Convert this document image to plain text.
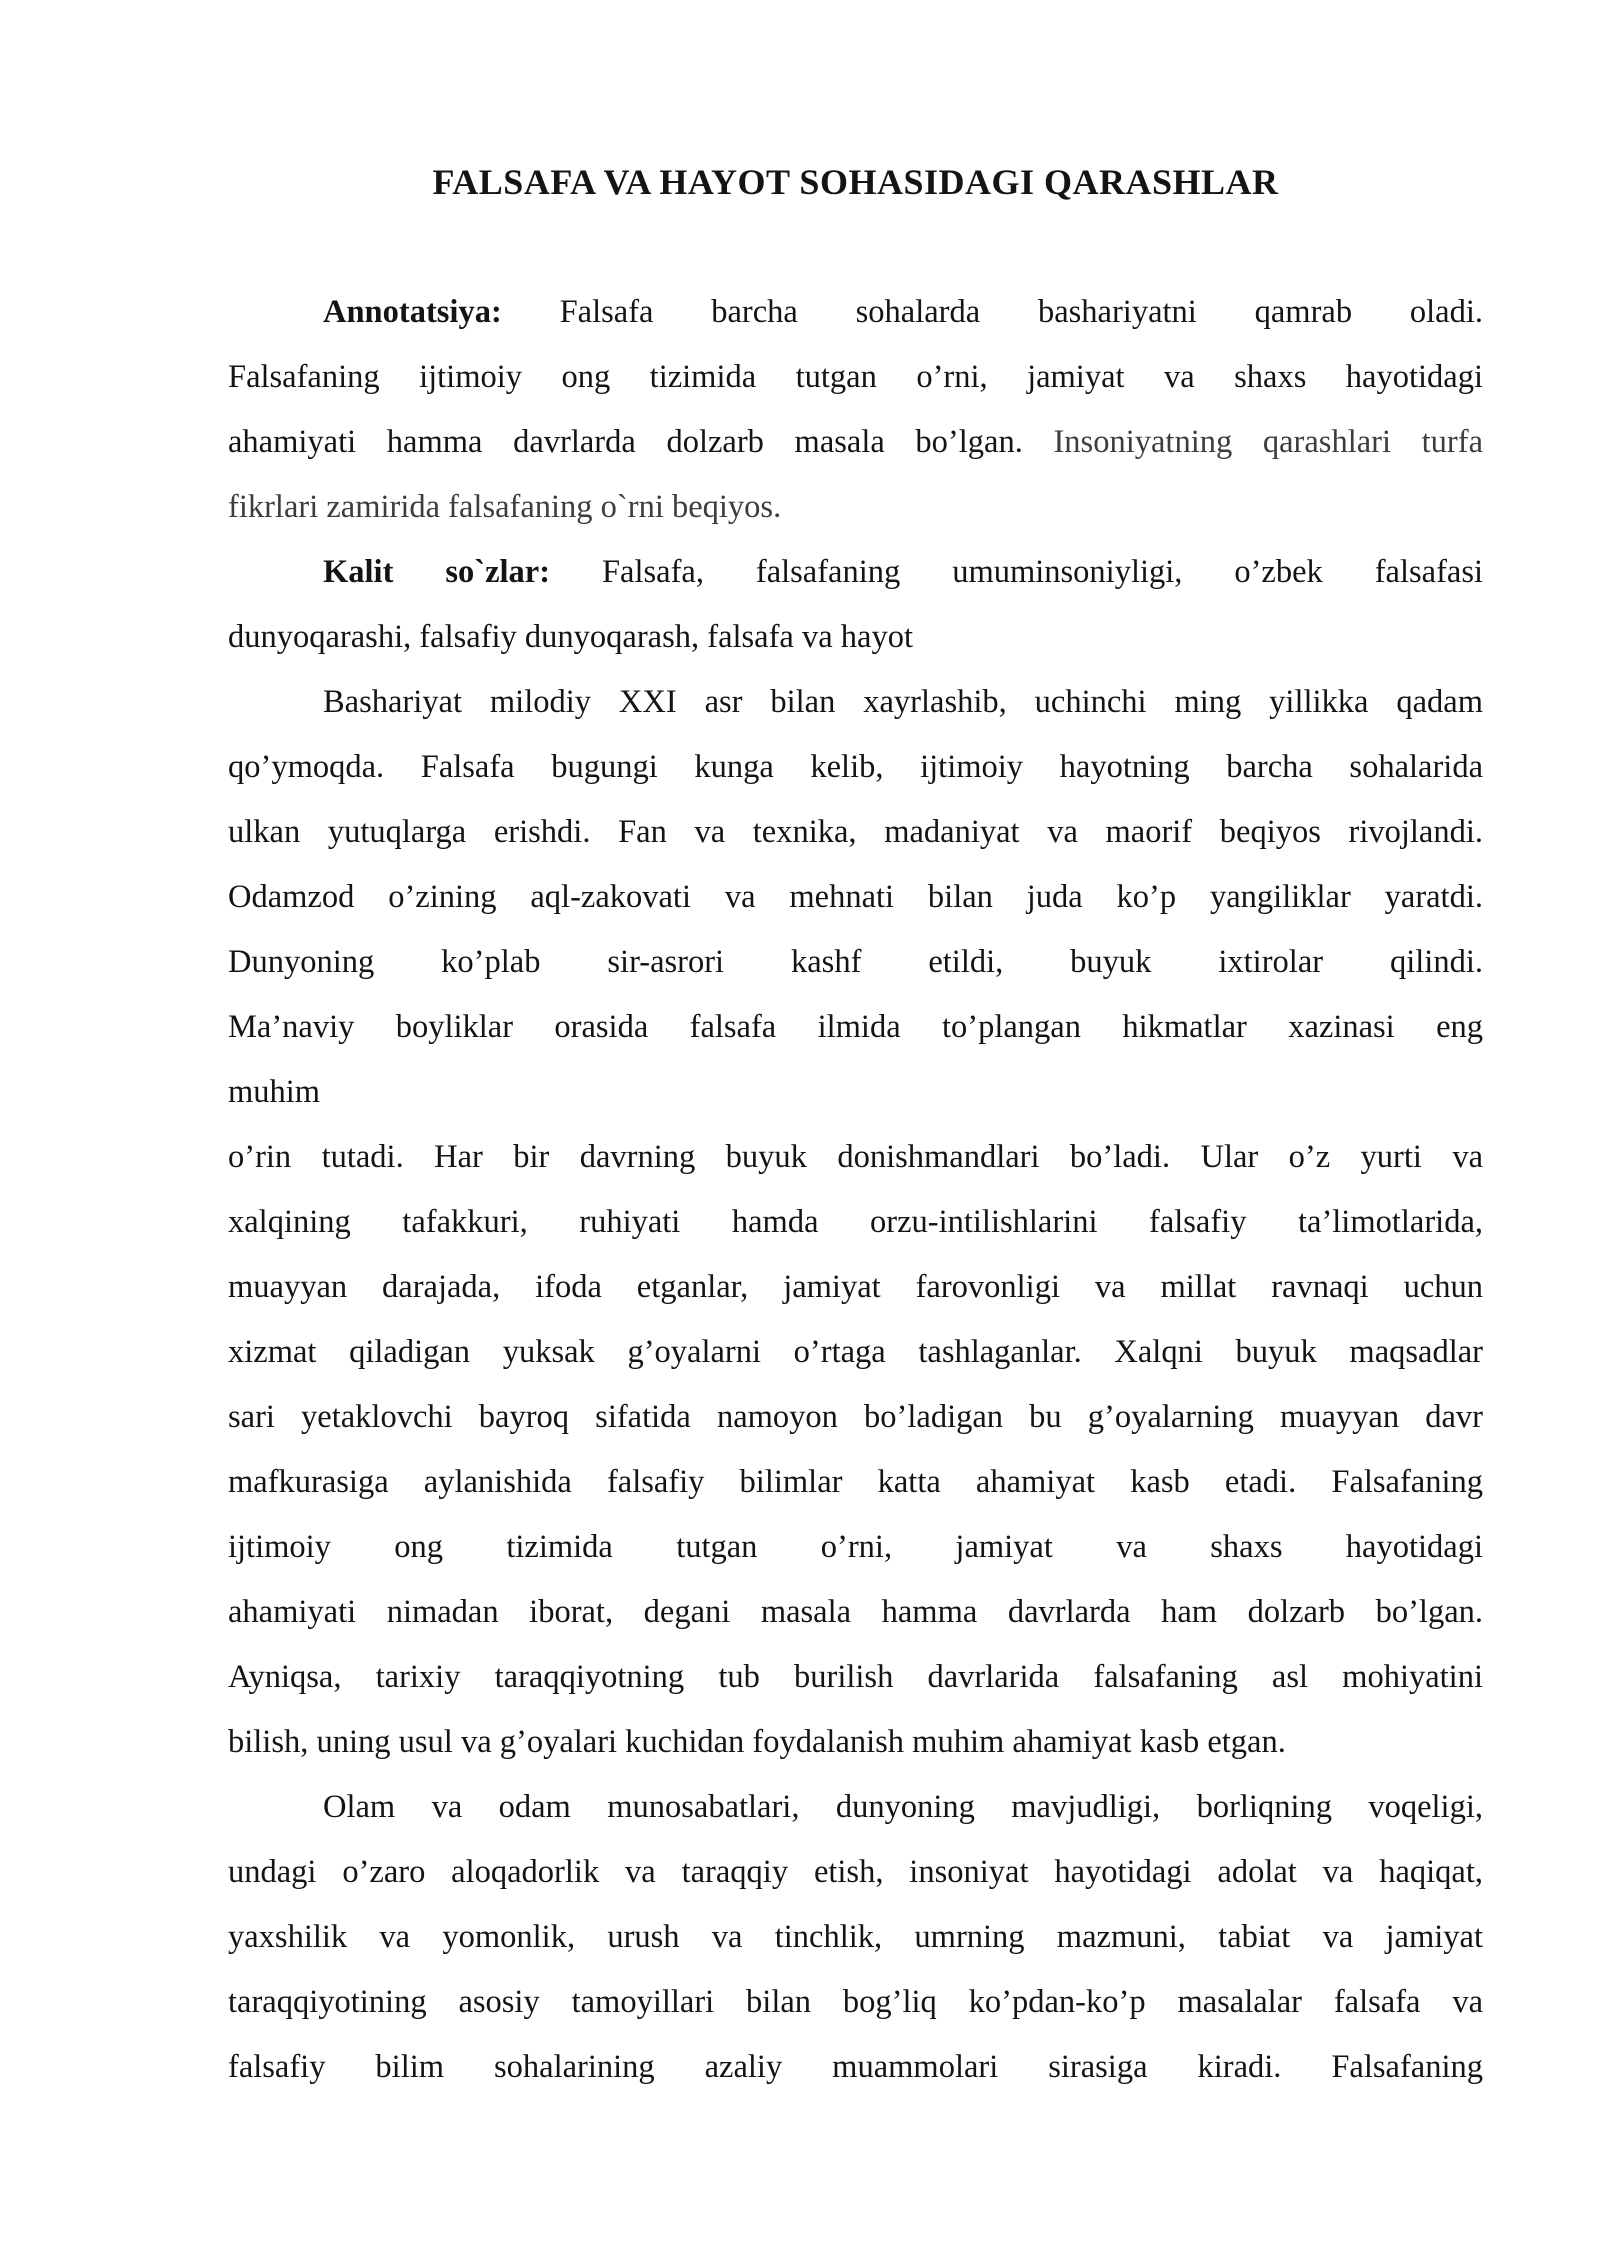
FALSAFA VA HAYOT SOHASIDAGI QARASHLAR
Annotatsiya: Falsafa barcha sohalarda bashariyatni qamrab oladi.
Falsafaning ijtimoiy ong tizimida tutgan o’rni, jamiyat va shaxs hayotidagi
ahamiyati hamma davrlarda dolzarb masala bo’lgan. Insoniyatning qarashlari turfa
fikrlari zamirida falsafaning o`rni beqiyos.
Kalit so`zlar: Falsafa, falsafaning umuminsoniyligi, o’zbek falsafasi
dunyoqarashi, falsafiy dunyoqarash, falsafa va hayot
Bashariyat milodiy XXI asr bilan xayrlashib, uchinchi ming yillikka qadam
qo’ymoqda. Falsafa bugungi kunga kelib, ijtimoiy hayotning barcha sohalarida
ulkan yutuqlarga erishdi. Fan va texnika, madaniyat va maorif beqiyos rivojlandi.
Odamzod o’zining aql-zakovati va mehnati bilan juda ko’p yangiliklar yaratdi.
Dunyoning ko’plab sir-asrori kashf etildi, buyuk ixtirolar qilindi.
Ma’naviy boyliklar orasida falsafa ilmida to’plangan hikmatlar xazinasi eng
muhim
o’rin tutadi. Har bir davrning buyuk donishmandlari bo’ladi. Ular o’z yurti va
xalqining tafakkuri, ruhiyati hamda orzu-intilishlarini falsafiy ta’limotlarida,
muayyan darajada, ifoda etganlar, jamiyat farovonligi va millat ravnaqi uchun
xizmat qiladigan yuksak g’oyalarni o’rtaga tashlaganlar. Xalqni buyuk maqsadlar
sari yetaklovchi bayroq sifatida namoyon bo’ladigan bu g’oyalarning muayyan davr
mafkurasiga aylanishida falsafiy bilimlar katta ahamiyat kasb etadi. Falsafaning
ijtimoiy ong tizimida tutgan o’rni, jamiyat va shaxs hayotidagi
ahamiyati nimadan iborat, degani masala hamma davrlarda ham dolzarb bo’lgan.
Ayniqsa, tarixiy taraqqiyotning tub burilish davrlarida falsafaning asl mohiyatini
bilish, uning usul va g’oyalari kuchidan foydalanish muhim ahamiyat kasb etgan.
Olam va odam munosabatlari, dunyoning mavjudligi, borliqning voqeligi,
undagi o’zaro aloqadorlik va taraqqiy etish, insoniyat hayotidagi adolat va haqiqat,
yaxshilik va yomonlik, urush va tinchlik, umrning mazmuni, tabiat va jamiyat
taraqqiyotining asosiy tamoyillari bilan bog’liq ko’pdan-ko’p masalalar falsafa va
falsafiy bilim sohalarining azaliy muammolari sirasiga kiradi. Falsafaning
